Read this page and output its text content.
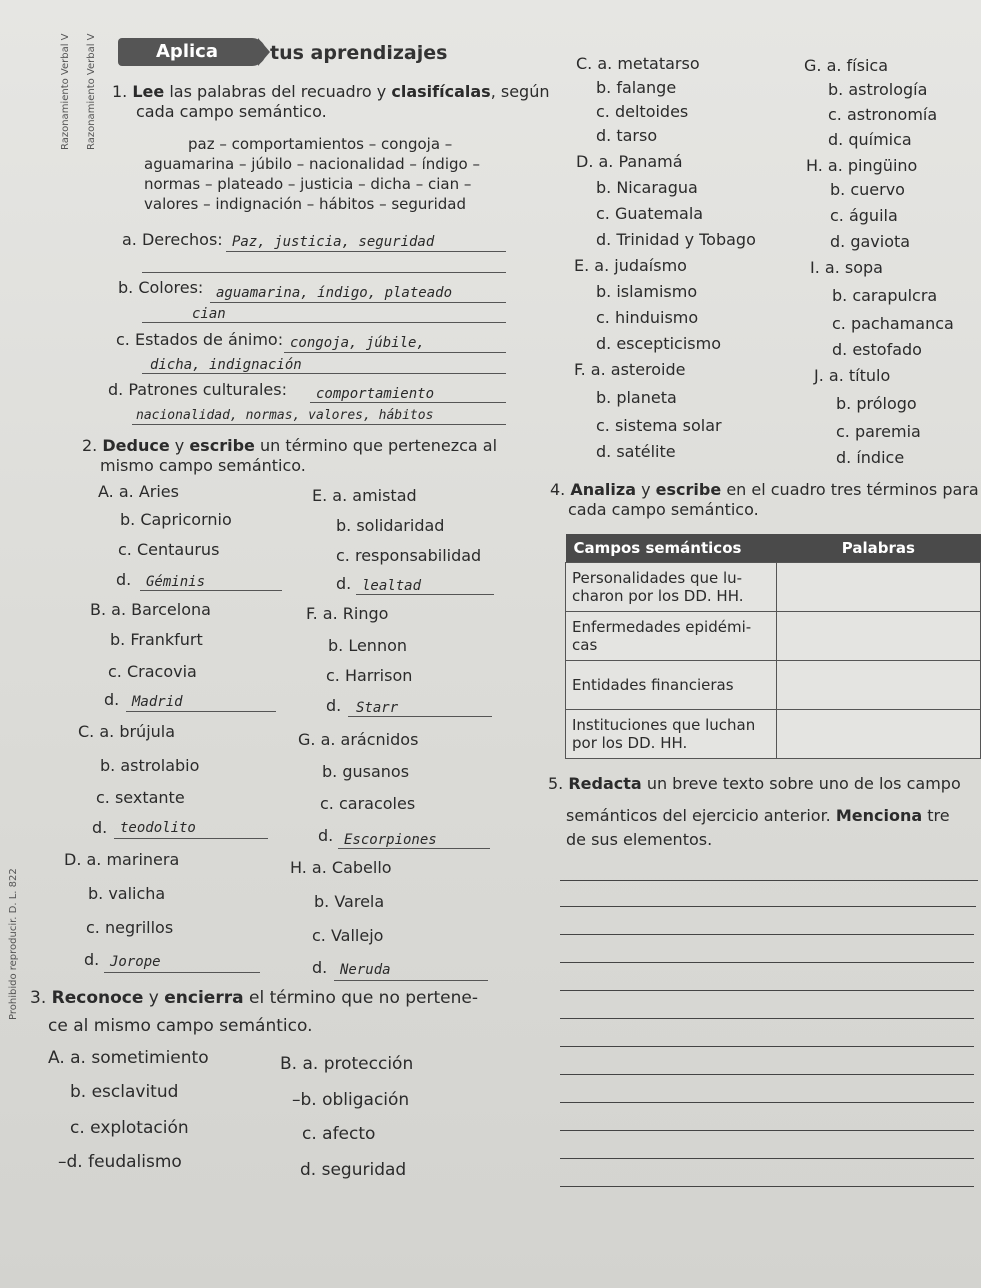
Razonamiento Verbal V Razonamiento Verbal V
Prohibido reproducir. D. L. 822
Aplica	tus aprendizajes
1. Lee las palabras del recuadro y clasifícalas, según
cada campo semántico.
paz – comportamientos – congoja –
aguamarina – júbilo – nacionalidad – índigo –
normas – plateado – justicia – dicha – cian –
valores – indignación – hábitos – seguridad
a. Derechos: Paz, justicia, seguridad
b. Colores: aguamarina, índigo, plateado
cian
c. Estados de ánimo: congoja, júbile,
dicha, indignación
d. Patrones culturales: comportamiento
nacionalidad, normas, valores, hábitos
2. Deduce y escribe un término que pertenezca al
mismo campo semántico.
A. a. Aries
b. Capricornio
c. Centaurus
d. Géminis
E. a. amistad
b. solidaridad
c. responsabilidad
d. lealtad
B. a. Barcelona
b. Frankfurt
c. Cracovia
d. Madrid
F. a. Ringo
b. Lennon
c. Harrison
d. Starr
C. a. brújula
b. astrolabio
c. sextante
d. teodolito
G. a. arácnidos
b. gusanos
c. caracoles
d. Escorpiones
D. a. marinera
b. valicha
c. negrillos
d. Jorope
H. a. Cabello
b. Varela
c. Vallejo
d. Neruda
3. Reconoce y encierra el término que no pertene-
ce al mismo campo semántico.
A. a. sometimiento
b. esclavitud
c. explotación
–d. feudalismo
B. a. protección
–b. obligación
c. afecto
d. seguridad
C. a. metatarso
b. falange
c. deltoides
d. tarso
G. a. física
b. astrología
c. astronomía
d. química
D. a. Panamá
b. Nicaragua
c. Guatemala
d. Trinidad y Tobago
H. a. pingüino
b. cuervo
c. águila
d. gaviota
E. a. judaísmo
b. islamismo
c. hinduismo
d. escepticismo
I. a. sopa
b. carapulcra
c. pachamanca
d. estofado
F. a. asteroide
b. planeta
c. sistema solar
d. satélite
J. a. título
b. prólogo
c. paremia
d. índice
4. Analiza y escribe en el cuadro tres términos para
cada campo semántico.
Campos semánticos	Palabras

Personalidades que lu-
charon por los DD. HH.	

Enfermedades epidémi-
cas	

Entidades financieras	

Instituciones que luchan
por los DD. HH.	

5. Redacta un breve texto sobre uno de los campo
semánticos del ejercicio anterior. Menciona tre
de sus elementos.
